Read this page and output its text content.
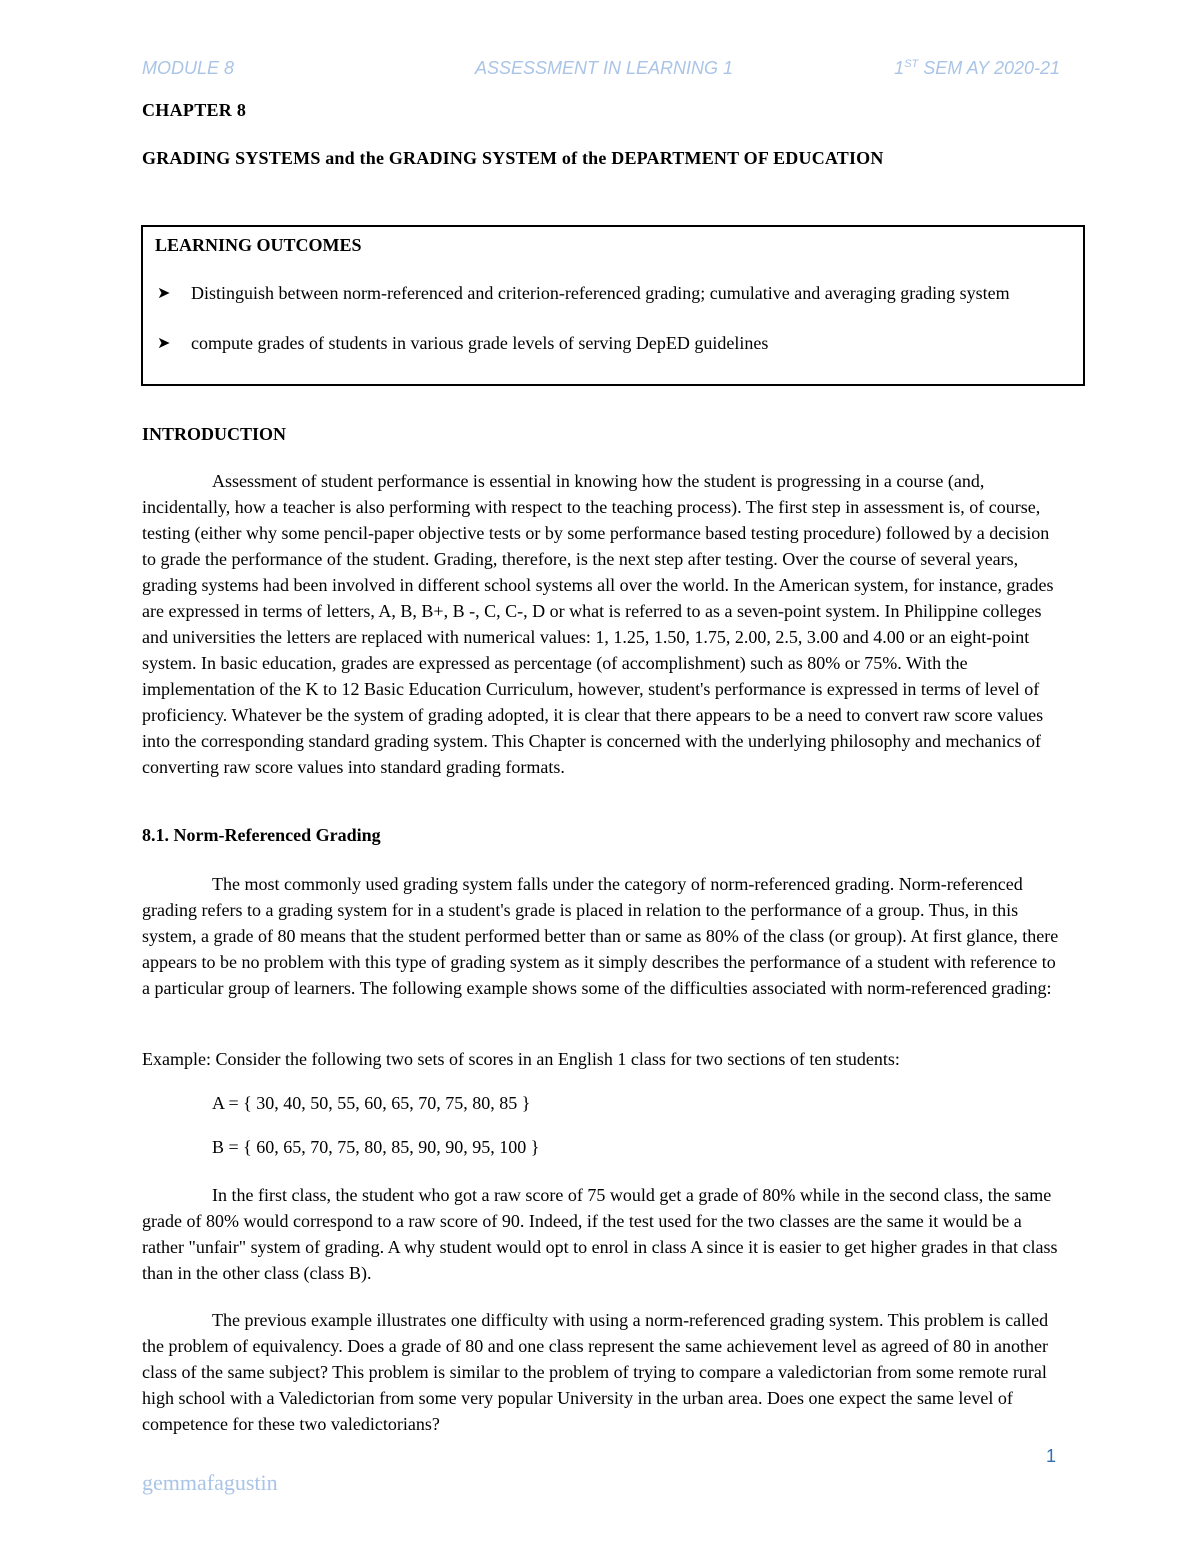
MODULE 8	ASSESSMENT IN LEARNING 1	1ST SEM AY 2020-21
CHAPTER 8
GRADING SYSTEMS and the GRADING SYSTEM of the DEPARTMENT OF EDUCATION
LEARNING OUTCOMES
➤ Distinguish between norm-referenced and criterion-referenced grading; cumulative and averaging grading system
➤ compute grades of students in various grade levels of serving DepED guidelines
INTRODUCTION

Assessment of student performance is essential in knowing how the student is progressing in a course (and, incidentally, how a teacher is also performing with respect to the teaching process). The first step in assessment is, of course, testing (either why some pencil-paper objective tests or by some performance based testing procedure) followed by a decision to grade the performance of the student. Grading, therefore, is the next step after testing. Over the course of several years, grading systems had been involved in different school systems all over the world. In the American system, for instance, grades are expressed in terms of letters, A, B, B+, B -, C, C-, D or what is referred to as a seven-point system. In Philippine colleges and universities the letters are replaced with numerical values: 1, 1.25, 1.50, 1.75, 2.00, 2.5, 3.00 and 4.00 or an eight-point system. In basic education, grades are expressed as percentage (of accomplishment) such as 80% or 75%. With the implementation of the K to 12 Basic Education Curriculum, however, student's performance is expressed in terms of level of proficiency. Whatever be the system of grading adopted, it is clear that there appears to be a need to convert raw score values into the corresponding standard grading system. This Chapter is concerned with the underlying philosophy and mechanics of converting raw score values into standard grading formats.

8.1. Norm-Referenced Grading

The most commonly used grading system falls under the category of norm-referenced grading. Norm-referenced grading refers to a grading system for in a student's grade is placed in relation to the performance of a group. Thus, in this system, a grade of 80 means that the student performed better than or same as 80% of the class (or group). At first glance, there appears to be no problem with this type of grading system as it simply describes the performance of a student with reference to a particular group of learners. The following example shows some of the difficulties associated with norm-referenced grading:

Example: Consider the following two sets of scores in an English 1 class for two sections of ten students:

A = { 30, 40, 50, 55, 60, 65, 70, 75, 80, 85 }
B = { 60, 65, 70, 75, 80, 85, 90, 90, 95, 100 }

In the first class, the student who got a raw score of 75 would get a grade of 80% while in the second class, the same grade of 80% would correspond to a raw score of 90. Indeed, if the test used for the two classes are the same it would be a rather "unfair" system of grading. A why student would opt to enrol in class A since it is easier to get higher grades in that class than in the other class (class B).

The previous example illustrates one difficulty with using a norm-referenced grading system. This problem is called the problem of equivalency. Does a grade of 80 and one class represent the same achievement level as agreed of 80 in another class of the same subject? This problem is similar to the problem of trying to compare a valedictorian from some remote rural high school with a Valedictorian from some very popular University in the urban area. Does one expect the same level of competence for these two valedictorians?

1
gemmafagustin
